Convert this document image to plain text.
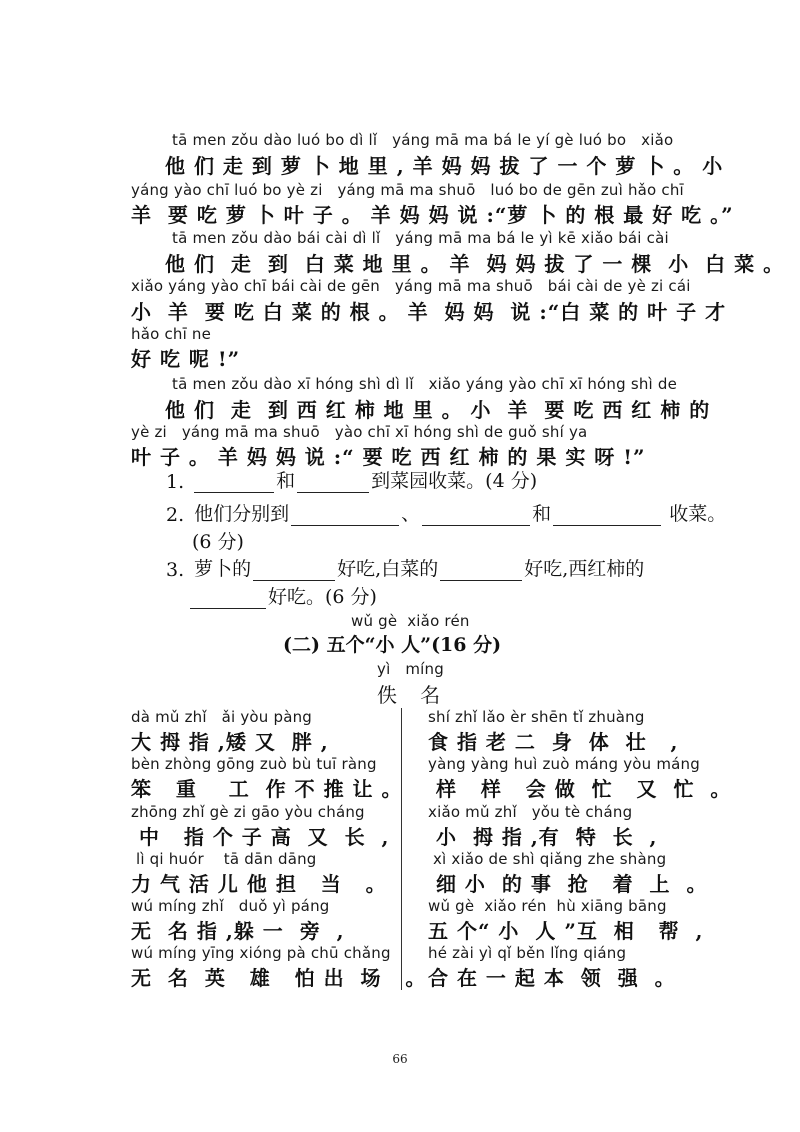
tā men zǒu dào luó bo dì lǐ   yáng mā ma bá le yí gè luó bo   xiǎo
他 们 走 到 萝 卜 地 里 , 羊 妈 妈 拔 了 一 个 萝 卜 。 小
yáng yào chī luó bo yè zi   yáng mā ma shuō   luó bo de gēn zuì hǎo chī
羊  要 吃 萝 卜 叶 子 。 羊 妈 妈 说 :“萝 卜 的 根 最 好 吃 。”
tā men zǒu dào bái cài dì lǐ   yáng mā ma bá le yì kē xiǎo bái cài
他 们  走  到  白 菜 地 里 。 羊  妈 妈 拔 了 一 棵  小  白 菜 。
xiǎo yáng yào chī bái cài de gēn   yáng mā ma shuō   bái cài de yè zi cái
小  羊  要 吃 白 菜 的 根 。 羊  妈 妈  说 :“白 菜 的 叶 子 才
hǎo chī ne
好 吃 呢 !”
tā men zǒu dào xī hóng shì dì lǐ   xiǎo yáng yào chī xī hóng shì de
他 们  走  到 西 红 柿 地 里 。 小  羊  要 吃 西 红 柿 的
yè zi   yáng mā ma shuō   yào chī xī hóng shì de guǒ shí ya
叶 子 。 羊 妈 妈 说 :“ 要 吃 西 红 柿 的 果 实 呀 !”
1.	和	到菜园收菜。(4 分)
2. 他们分别到	、	和	收菜。
(6 分)
3. 萝卜的	好吃,白菜的	好吃,西红柿的
好吃。(6 分)
wǔ gè  xiǎo rén
(二) 五个“小 人”(16 分)
yì   míng
佚   名
dà mǔ zhǐ   ǎi yòu pàng
大 拇 指 ,矮 又  胖 ,
bèn zhòng gōng zuò bù tuī ràng
笨   重    工  作 不 推 让 。
zhōng zhǐ gè zi gāo yòu cháng
中   指 个 子 高  又  长  ,
lì qi huór    tā dān dāng
力 气 活 儿 他 担   当   。
wú míng zhǐ   duǒ yì páng
无  名 指 ,躲 一  旁  ,
wú míng yīng xióng pà chū chǎng
无  名  英   雄   怕 出  场   。
shí zhǐ lǎo èr shēn tǐ zhuàng
食 指 老 二  身  体  壮   ,
yàng yàng huì zuò máng yòu máng
样   样   会 做  忙   又  忙  。
xiǎo mǔ zhǐ   yǒu tè cháng
小  拇 指 ,有  特  长  ,
xì xiǎo de shì qiǎng zhe shàng
细 小  的 事  抢   着  上  。
wǔ gè  xiǎo rén  hù xiāng bāng
五 个“ 小  人 ”互  相   帮  ,
hé zài yì qǐ běn lǐng qiáng
合 在 一 起 本  领  强  。
66
